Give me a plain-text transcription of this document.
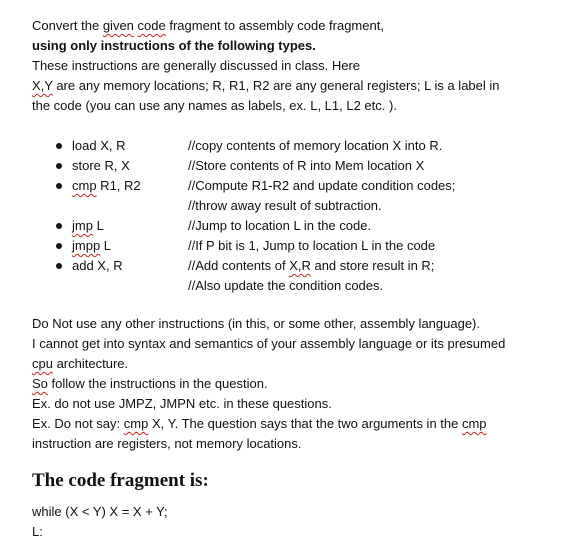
Convert the given code fragment to assembly code fragment,
using only instructions of the following types.
These instructions are generally discussed in class. Here
X,Y are any memory locations; R, R1, R2 are any general registers; L is a label in
the code (you can use any names as labels, ex. L, L1, L2 etc. ).
load X, R	//copy contents of memory location X into R.
store R, X	//Store contents of R into Mem location X
cmp R1, R2	//Compute R1-R2 and update condition codes;
//throw away result of subtraction.
jmp L	//Jump to location L in the code.
jmpp L	//If P bit is 1, Jump to location L in the code
add X, R	//Add contents of X,R and store result in R;
//Also update the condition codes.
Do Not use any other instructions (in this, or some other, assembly language).
I cannot get into syntax and semantics of your assembly language or its presumed
cpu architecture.
So follow the instructions in the question.
Ex. do not use JMPZ, JMPN etc. in these questions.
Ex. Do not say: cmp X, Y. The question says that the two arguments in the cmp
instruction are registers, not memory locations.
The code fragment is:
while (X < Y) X = X + Y;
L:
